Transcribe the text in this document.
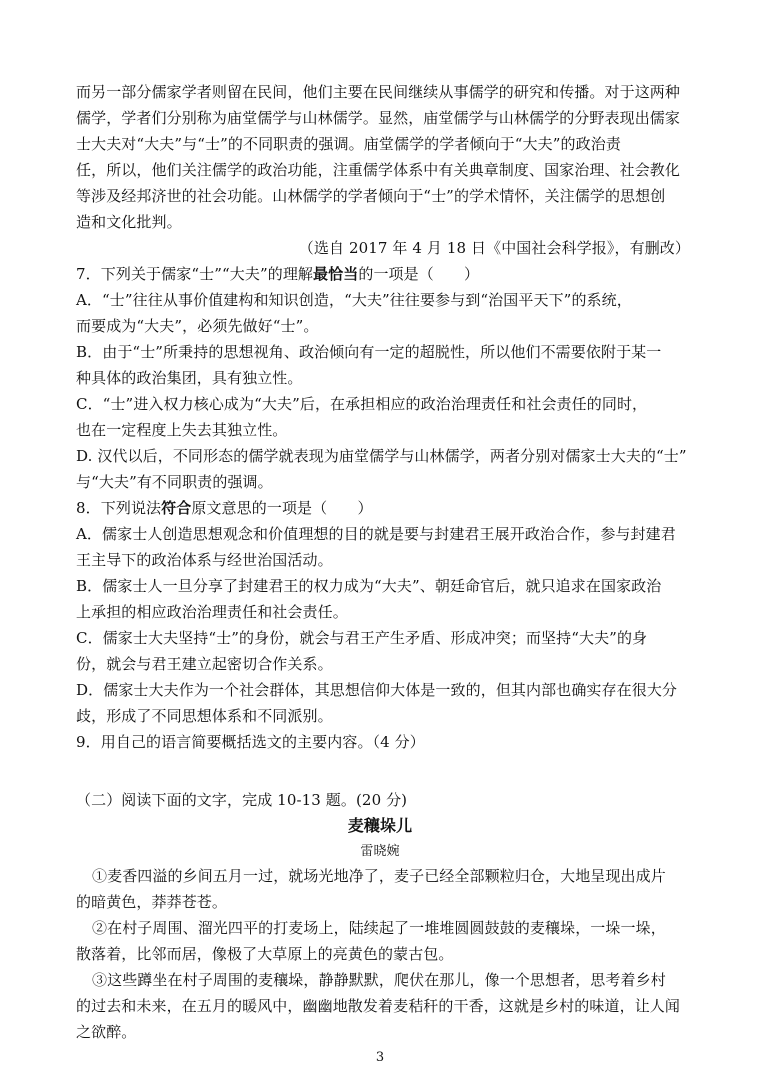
而另一部分儒家学者则留在民间，他们主要在民间继续从事儒学的研究和传播。对于这两种
儒学，学者们分别称为庙堂儒学与山林儒学。显然，庙堂儒学与山林儒学的分野表现出儒家
士大夫对“大夫”与“士”的不同职责的强调。庙堂儒学的学者倾向于“大夫”的政治责
任，所以，他们关注儒学的政治功能，注重儒学体系中有关典章制度、国家治理、社会教化
等涉及经邦济世的社会功能。山林儒学的学者倾向于“士”的学术情怀，关注儒学的思想创
造和文化批判。
（选自 2017 年 4 月 18 日《中国社会科学报》，有删改）
7．下列关于儒家“士”“大夫”的理解最恰当的一项是（　　）
A．“士”往往从事价值建构和知识创造，“大夫”往往要参与到“治国平天下”的系统，
而要成为“大夫”，必须先做好“士”。
B．由于“士”所秉持的思想视角、政治倾向有一定的超脱性，所以他们不需要依附于某一
种具体的政治集团，具有独立性。
C．“士”进入权力核心成为“大夫”后，在承担相应的政治治理责任和社会责任的同时，
也在一定程度上失去其独立性。
D. 汉代以后，不同形态的儒学就表现为庙堂儒学与山林儒学，两者分别对儒家士大夫的“士”
与“大夫”有不同职责的强调。
8．下列说法符合原文意思的一项是（　　）
A．儒家士人创造思想观念和价值理想的目的就是要与封建君王展开政治合作，参与封建君
王主导下的政治体系与经世治国活动。
B．儒家士人一旦分享了封建君王的权力成为“大夫”、朝廷命官后，就只追求在国家政治
上承担的相应政治治理责任和社会责任。
C．儒家士大夫坚持“士”的身份，就会与君王产生矛盾、形成冲突；而坚持“大夫”的身
份，就会与君王建立起密切合作关系。
D．儒家士大夫作为一个社会群体，其思想信仰大体是一致的，但其内部也确实存在很大分
歧，形成了不同思想体系和不同派别。
9．用自己的语言简要概括选文的主要内容。（4 分）
（二）阅读下面的文字，完成 10-13 题。(20 分)
麦穰垛儿
雷晓婉
①麦香四溢的乡间五月一过，就场光地净了，麦子已经全部颗粒归仓，大地呈现出成片
的暗黄色，莽莽苍苍。
②在村子周围、溜光四平的打麦场上，陆续起了一堆堆圆圆鼓鼓的麦穰垛，一垛一垛，
散落着，比邻而居，像极了大草原上的亮黄色的蒙古包。
③这些蹲坐在村子周围的麦穰垛，静静默默，爬伏在那儿，像一个思想者，思考着乡村
的过去和未来，在五月的暖风中，幽幽地散发着麦秸秆的干香，这就是乡村的味道，让人闻
之欲醉。
3
